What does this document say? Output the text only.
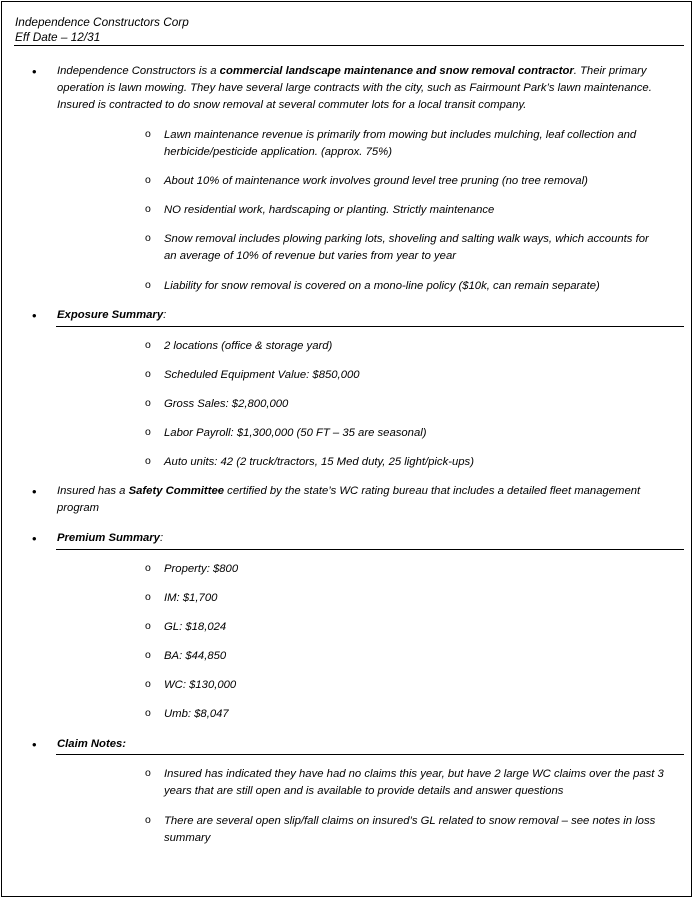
Independence Constructors Corp
Eff Date – 12/31
• Independence Constructors is a commercial landscape maintenance and snow removal contractor. Their primary operation is lawn mowing. They have several large contracts with the city, such as Fairmount Park’s lawn maintenance. Insured is contracted to do snow removal at several commuter lots for a local transit company.
o Lawn maintenance revenue is primarily from mowing but includes mulching, leaf collection and herbicide/pesticide application. (approx. 75%)
o About 10% of maintenance work involves ground level tree pruning (no tree removal)
o NO residential work, hardscaping or planting. Strictly maintenance
o Snow removal includes plowing parking lots, shoveling and salting walk ways, which accounts for an average of 10% of revenue but varies from year to year
o Liability for snow removal is covered on a mono-line policy ($10k, can remain separate)
• Exposure Summary:
o 2 locations (office & storage yard)
o Scheduled Equipment Value: $850,000
o Gross Sales: $2,800,000
o Labor Payroll: $1,300,000 (50 FT – 35 are seasonal)
o Auto units: 42 (2 truck/tractors, 15 Med duty, 25 light/pick-ups)
• Insured has a Safety Committee certified by the state’s WC rating bureau that includes a detailed fleet management program
• Premium Summary:
o Property: $800
o IM: $1,700
o GL: $18,024
o BA: $44,850
o WC: $130,000
o Umb: $8,047
• Claim Notes:
o Insured has indicated they have had no claims this year, but have 2 large WC claims over the past 3 years that are still open and is available to provide details and answer questions
o There are several open slip/fall claims on insured’s GL related to snow removal – see notes in loss summary
